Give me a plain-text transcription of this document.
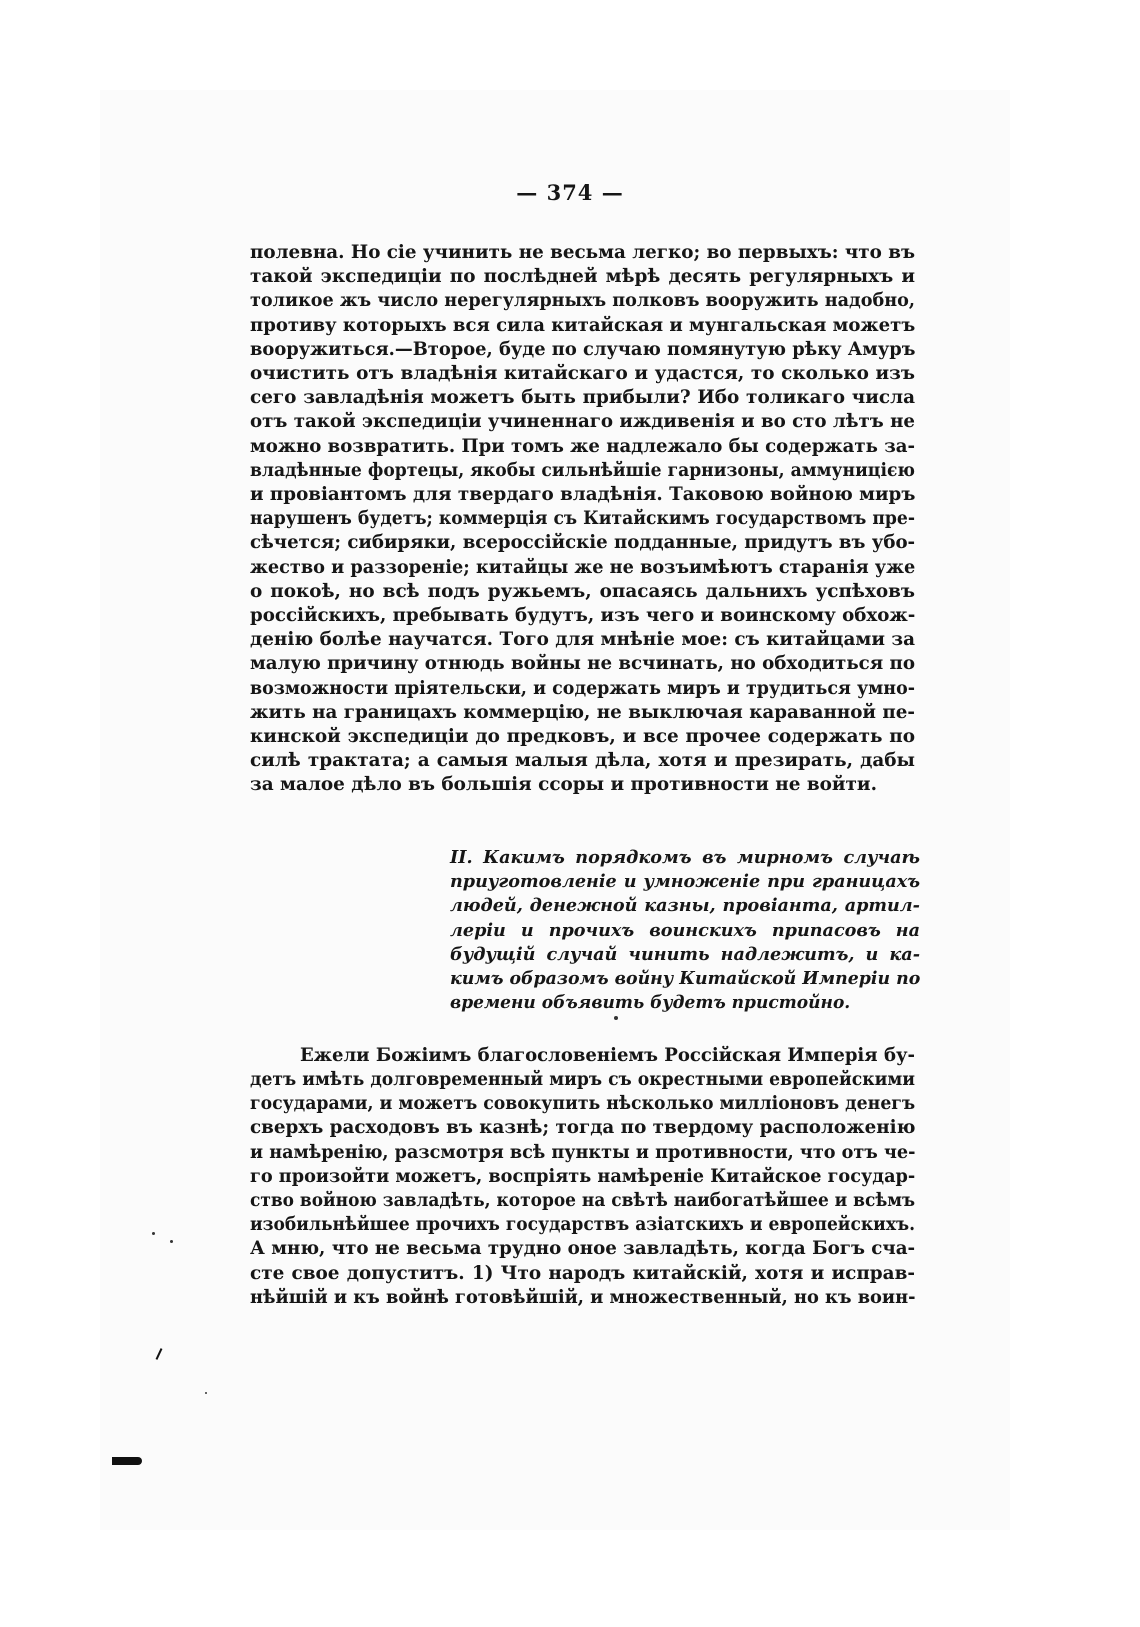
— 374 —
полевна. Но сіе учинить не весьма легко; во первыхъ: что въ
такой экспедиціи по послѣдней мѣрѣ десять регулярныхъ и
толикое жъ число нерегулярныхъ полковъ вооружить надобно,
противу которыхъ вся сила китайская и мунгальская можетъ
вооружиться.—Второе, буде по случаю помянутую рѣку Амуръ
очистить отъ владѣнія китайскаго и удастся, то сколько изъ
сего завладѣнія можетъ быть прибыли? Ибо толикаго числа
отъ такой экспедиціи учиненнаго иждивенія и во сто лѣтъ не
можно возвратить. При томъ же надлежало бы содержать за-
владѣнные фортецы, якобы сильнѣйшіе гарнизоны, аммуницією
и провіантомъ для твердаго владѣнія. Таковою войною миръ
нарушенъ будетъ; коммерція съ Китайскимъ государствомъ пре-
сѣчется; сибиряки, всероссійскіе подданные, придутъ въ убо-
жество и раззореніе; китайцы же не возъимѣютъ старанія уже
о покоѣ, но всѣ подъ ружьемъ, опасаясь дальнихъ успѣховъ
россійскихъ, пребывать будутъ, изъ чего и воинскому обхож-
денію болѣе научатся. Того для мнѣніе мое: съ китайцами за
малую причину отнюдь войны не всчинать, но обходиться по
возможности пріятельски, и содержать миръ и трудиться умно-
жить на границахъ коммерцію, не выключая караванной пе-
кинской экспедиціи до предковъ, и все прочее содержать по
силѣ трактата; а самыя малыя дѣла, хотя и презирать, дабы
за малое дѣло въ большія ссоры и противности не войти.
II. Какимъ порядкомъ въ мирномъ случаѣ
приуготовленіе и умноженіе при границахъ
людей, денежной казны, провіанта, артил-
леріи и прочихъ воинскихъ припасовъ на
будущій случай чинить надлежитъ, и ка-
кимъ образомъ войну Китайской Имперіи по
времени объявить будетъ пристойно.
Ежели Божіимъ благословеніемъ Россійская Имперія бу-
детъ имѣть долговременный миръ съ окрестными европейскими
государами, и можетъ совокупить нѣсколько милліоновъ денегъ
сверхъ расходовъ въ казнѣ; тогда по твердому расположенію
и намѣренію, разсмотря всѣ пункты и противности, что отъ че-
го произойти можетъ, воспріять намѣреніе Китайское государ-
ство войною завладѣть, которое на свѣтѣ наибогатѣйшее и всѣмъ
изобильнѣйшее прочихъ государствъ азіатскихъ и европейскихъ.
А мню, что не весьма трудно оное завладѣть, когда Богъ сча-
сте свое допуститъ. 1) Что народъ китайскій, хотя и исправ-
нѣйшій и къ войнѣ готовѣйшій, и множественный, но къ воин-
